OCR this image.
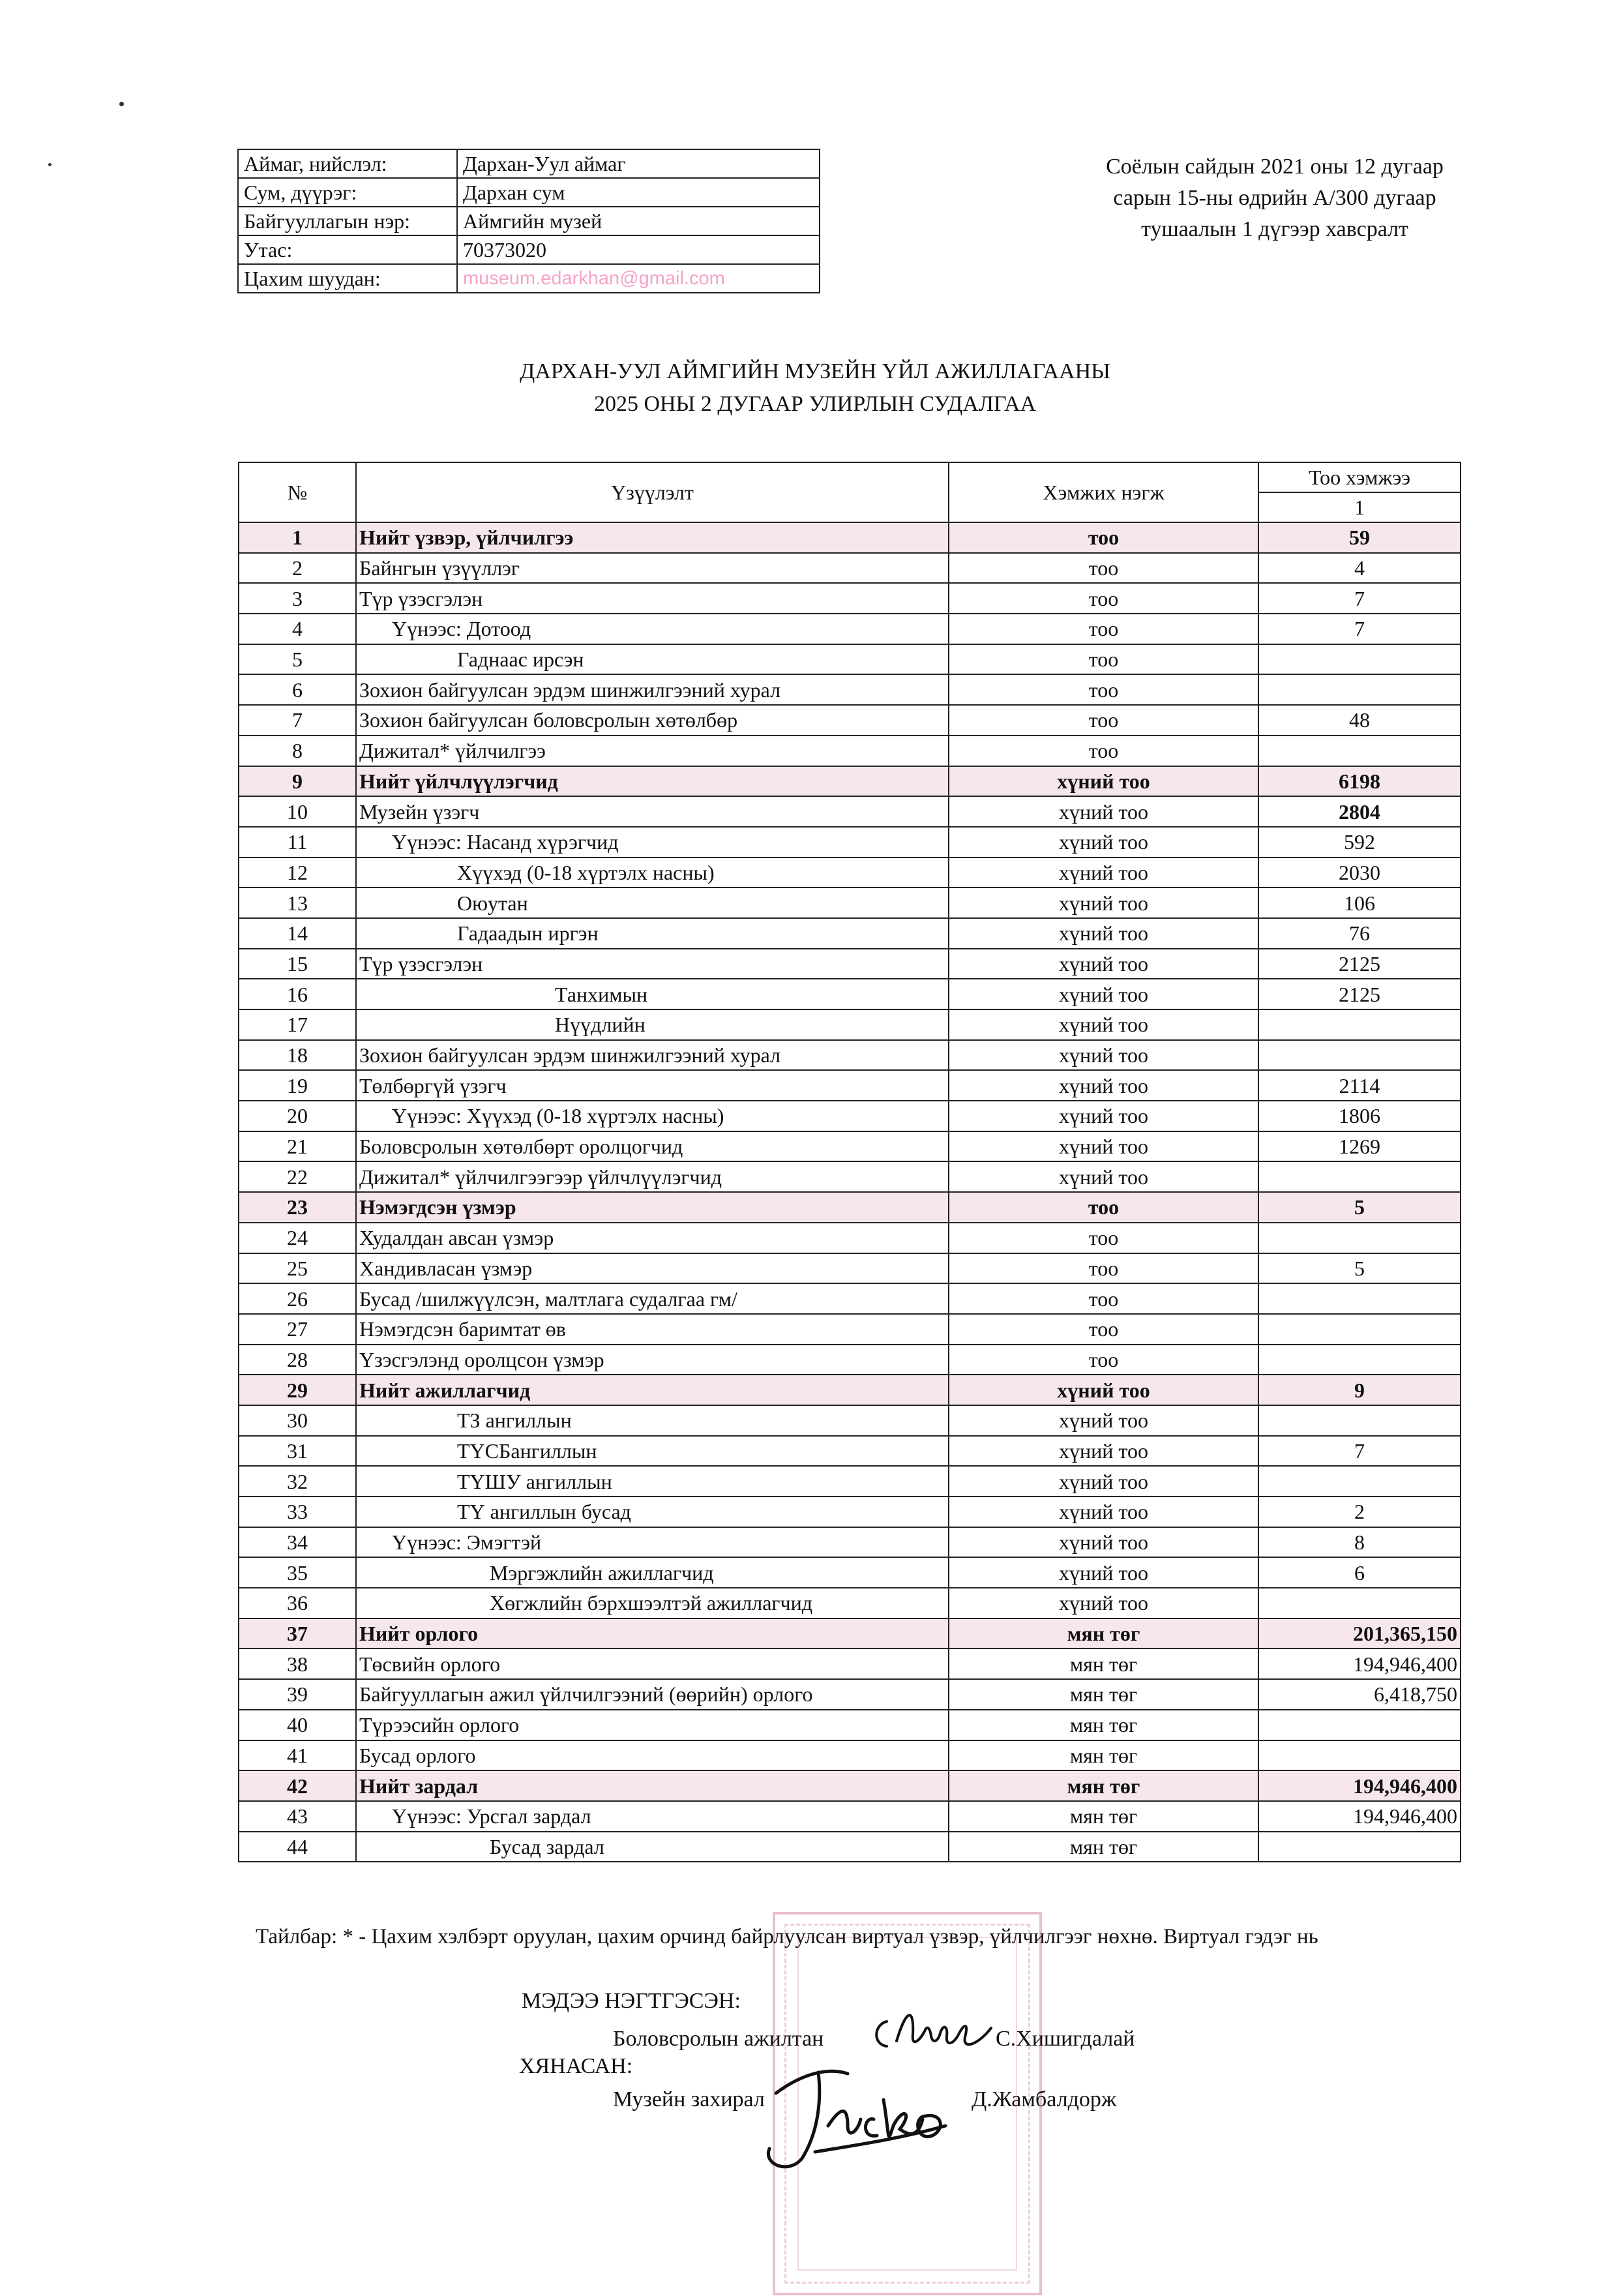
Аймаг, нийслэл:	Дархан-Уул аймаг
Сум, дүүрэг:	Дархан сум
Байгууллагын нэр:	Аймгийн музей
Утас:	70373020
Цахим шуудан:	museum.edarkhan@gmail.com
Соёлын сайдын 2021 оны 12 дугаар
сарын 15-ны өдрийн А/300 дугаар
тушаалын 1 дүгээр хавсралт
ДАРХАН-УУЛ АЙМГИЙН МУЗЕЙН ҮЙЛ АЖИЛЛАГААНЫ
2025 ОНЫ 2 ДУГААР УЛИРЛЫН СУДАЛГАА
№	Үзүүлэлт	Хэмжих нэгж	Тоо хэмжээ
			1
1	Нийт үзвэр, үйлчилгээ	тоо	59
2	Байнгын үзүүллэг	тоо	4
3	Түр үзэсгэлэн	тоо	7
4	Үүнээс: Дотоод	тоо	7
5	Гаднаас ирсэн	тоо	
6	Зохион байгуулсан эрдэм шинжилгээний хурал	тоо	
7	Зохион байгуулсан боловсролын хөтөлбөр	тоо	48
8	Дижитал* үйлчилгээ	тоо	
9	Нийт үйлчлүүлэгчид	хүний тоо	6198
10	Музейн үзэгч	хүний тоо	2804
11	Үүнээс: Насанд хүрэгчид	хүний тоо	592
12	Хүүхэд (0-18 хүртэлх насны)	хүний тоо	2030
13	Оюутан	хүний тоо	106
14	Гадаадын иргэн	хүний тоо	76
15	Түр үзэсгэлэн	хүний тоо	2125
16	Танхимын	хүний тоо	2125
17	Нүүдлийн	хүний тоо	
18	Зохион байгуулсан эрдэм шинжилгээний хурал	хүний тоо	
19	Төлбөргүй үзэгч	хүний тоо	2114
20	Үүнээс: Хүүхэд (0-18 хүртэлх насны)	хүний тоо	1806
21	Боловсролын хөтөлбөрт оролцогчид	хүний тоо	1269
22	Дижитал* үйлчилгээгээр үйлчлүүлэгчид	хүний тоо	
23	Нэмэгдсэн үзмэр	тоо	5
24	Худалдан авсан үзмэр	тоо	
25	Хандивласан үзмэр	тоо	5
26	Бусад /шилжүүлсэн, малтлага судалгаа гм/	тоо	
27	Нэмэгдсэн баримтат өв	тоо	
28	Үзэсгэлэнд оролцсон үзмэр	тоо	
29	Нийт ажиллагчид	хүний тоо	9
30	ТЗ ангиллын	хүний тоо	
31	ТҮСБангиллын	хүний тоо	7
32	ТҮШУ ангиллын	хүний тоо	
33	ТҮ ангиллын бусад	хүний тоо	2
34	Үүнээс: Эмэгтэй	хүний тоо	8
35	Мэргэжлийн ажиллагчид	хүний тоо	6
36	Хөгжлийн бэрхшээлтэй ажиллагчид	хүний тоо	
37	Нийт орлого	мян төг	201,365,150
38	Төсвийн орлого	мян төг	194,946,400
39	Байгууллагын ажил үйлчилгээний (өөрийн) орлого	мян төг	6,418,750
40	Түрээсийн орлого	мян төг	
41	Бусад орлого	мян төг	
42	Нийт зардал	мян төг	194,946,400
43	Үүнээс: Урсгал зардал	мян төг	194,946,400
44	Бусад зардал	мян төг	
Тайлбар: * - Цахим хэлбэрт оруулан, цахим орчинд байрлуулсан виртуал үзвэр, үйлчилгээг нөхнө. Виртуал гэдэг нь
МЭДЭЭ НЭГТГЭСЭН:
Боловсролын ажилтан	С.Хишигдалай
ХЯНАСАН:
Музейн захирал	Д.Жамбалдорж
